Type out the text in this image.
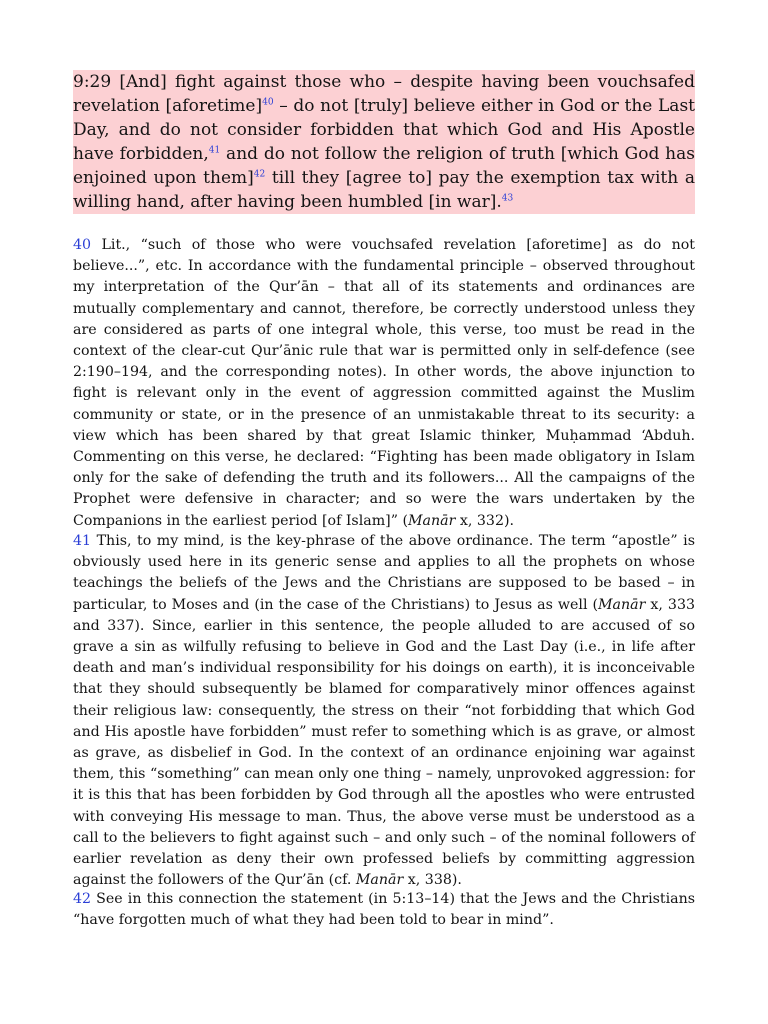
9:29 [And] fight against those who – despite having been vouchsafed revelation [aforetime]$^{40}$ – do not [truly] believe either in God or the Last Day, and do not consider forbidden that which God and His Apostle have forbidden,$^{41}$ and do not follow the religion of truth [which God has enjoined upon them]$^{42}$ till they [agree to] pay the exemption tax with a willing hand, after having been humbled [in war].$^{43}$

40 Lit., “such of those who were vouchsafed revelation [aforetime] as do not believe...”, etc. In accordance with the fundamental principle – observed throughout my interpretation of the Qur’ān – that all of its statements and ordinances are mutually complementary and cannot, therefore, be correctly understood unless they are considered as parts of one integral whole, this verse, too must be read in the context of the clear-cut Qur’ānic rule that war is permitted only in self-defence (see 2:190–194, and the corresponding notes). In other words, the above injunction to fight is relevant only in the event of aggression committed against the Muslim community or state, or in the presence of an unmistakable threat to its security: a view which has been shared by that great Islamic thinker, Muḥammad ‘Abduh. Commenting on this verse, he declared: “Fighting has been made obligatory in Islam only for the sake of defending the truth and its followers... All the campaigns of the Prophet were defensive in character; and so were the wars undertaken by the Companions in the earliest period [of Islam]” (Manār x, 332).

41 This, to my mind, is the key-phrase of the above ordinance. The term “apostle” is obviously used here in its generic sense and applies to all the prophets on whose teachings the beliefs of the Jews and the Christians are supposed to be based – in particular, to Moses and (in the case of the Christians) to Jesus as well (Manār x, 333 and 337). Since, earlier in this sentence, the people alluded to are accused of so grave a sin as wilfully refusing to believe in God and the Last Day (i.e., in life after death and man’s individual responsibility for his doings on earth), it is inconceivable that they should subsequently be blamed for comparatively minor offences against their religious law: consequently, the stress on their “not forbidding that which God and His apostle have forbidden” must refer to something which is as grave, or almost as grave, as disbelief in God. In the context of an ordinance enjoining war against them, this “something” can mean only one thing – namely, unprovoked aggression: for it is this that has been forbidden by God through all the apostles who were entrusted with conveying His message to man. Thus, the above verse must be understood as a call to the believers to fight against such – and only such – of the nominal followers of earlier revelation as deny their own professed beliefs by committing aggression against the followers of the Qur’ān (cf. Manār x, 338).

42 See in this connection the statement (in 5:13–14) that the Jews and the Christians “have forgotten much of what they had been told to bear in mind”.
